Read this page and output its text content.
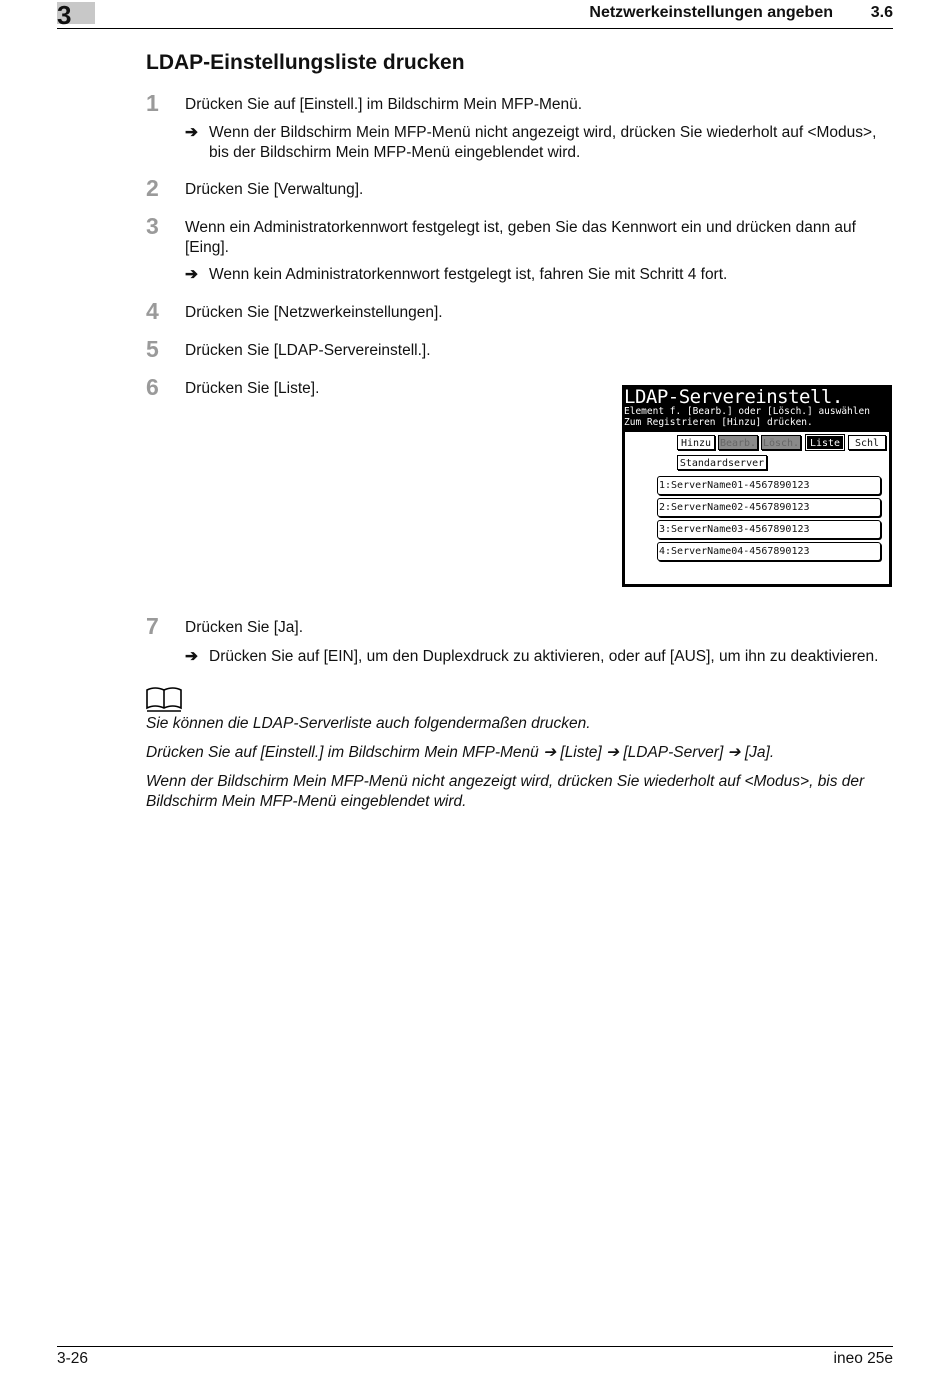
3	Netzwerkeinstellungen angeben 3.6
LDAP-Einstellungsliste drucken
1 Drücken Sie auf [Einstell.] im Bildschirm Mein MFP-Menü.
➔ Wenn der Bildschirm Mein MFP-Menü nicht angezeigt wird, drücken Sie wiederholt auf <Modus>, bis der Bildschirm Mein MFP-Menü eingeblendet wird.
2 Drücken Sie [Verwaltung].
3 Wenn ein Administratorkennwort festgelegt ist, geben Sie das Kennwort ein und drücken dann auf [Eing].
➔ Wenn kein Administratorkennwort festgelegt ist, fahren Sie mit Schritt 4 fort.
4 Drücken Sie [Netzwerkeinstellungen].
5 Drücken Sie [LDAP-Servereinstell.].
6 Drücken Sie [Liste].	LDAP-Servereinstell.
Element f. [Bearb.] oder [Lösch.] auswählen
Zum Registrieren [Hinzu] drücken.
Hinzu Bearb. Lösch.	Liste	Schl
Standardserver
1:ServerName01-4567890123
2:ServerName02-4567890123
3:ServerName03-4567890123
4:ServerName04-4567890123
7 Drücken Sie [Ja].
➔ Drücken Sie auf [EIN], um den Duplexdruck zu aktivieren, oder auf [AUS], um ihn zu deaktivieren.
Sie können die LDAP-Serverliste auch folgendermaßen drucken.
Drücken Sie auf [Einstell.] im Bildschirm Mein MFP-Menü ➔ [Liste] ➔ [LDAP-Server] ➔ [Ja].
Wenn der Bildschirm Mein MFP-Menü nicht angezeigt wird, drücken Sie wiederholt auf <Modus>, bis der Bildschirm Mein MFP-Menü eingeblendet wird.
3-26	ineo 25e
